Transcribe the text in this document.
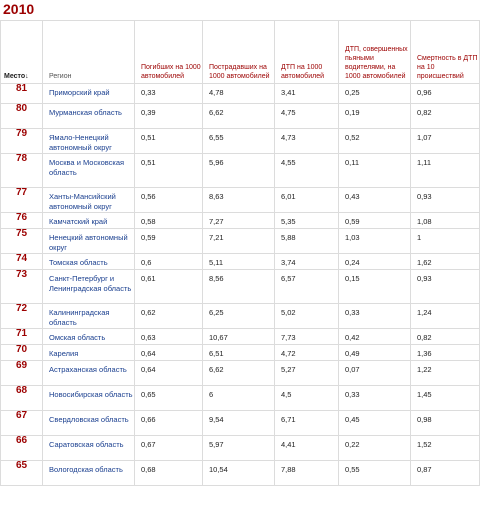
2010
Место↓	Регион	Погибших на 1000 автомобилей	Пострадавших на 1000 автомобилей	ДТП на 1000 автомобилей	ДТП, совершенных пьяными водителями, на 1000 автомобилей	Смертность в ДТП на 10 происшествий
81	Приморский край	0,33	4,78	3,41	0,25	0,96
80	Мурманская область	0,39	6,62	4,75	0,19	0,82
79	Ямало-Ненецкий автономный округ	0,51	6,55	4,73	0,52	1,07
78	Москва и Московская область	0,51	5,96	4,55	0,11	1,11
77	Ханты-Мансийский автономный округ	0,56	8,63	6,01	0,43	0,93
76	Камчатский край	0,58	7,27	5,35	0,59	1,08
75	Ненецкий автономный округ	0,59	7,21	5,88	1,03	1
74	Томская область	0,6	5,11	3,74	0,24	1,62
73	Санкт-Петербург и Ленинградская область	0,61	8,56	6,57	0,15	0,93
72	Калининградская область	0,62	6,25	5,02	0,33	1,24
71	Омская область	0,63	10,67	7,73	0,42	0,82
70	Карелия	0,64	6,51	4,72	0,49	1,36
69	Астраханская область	0,64	6,62	5,27	0,07	1,22
68	Новосибирская область	0,65	6	4,5	0,33	1,45
67	Свердловская область	0,66	9,54	6,71	0,45	0,98
66	Саратовская область	0,67	5,97	4,41	0,22	1,52
65	Вологодская область	0,68	10,54	7,88	0,55	0,87
